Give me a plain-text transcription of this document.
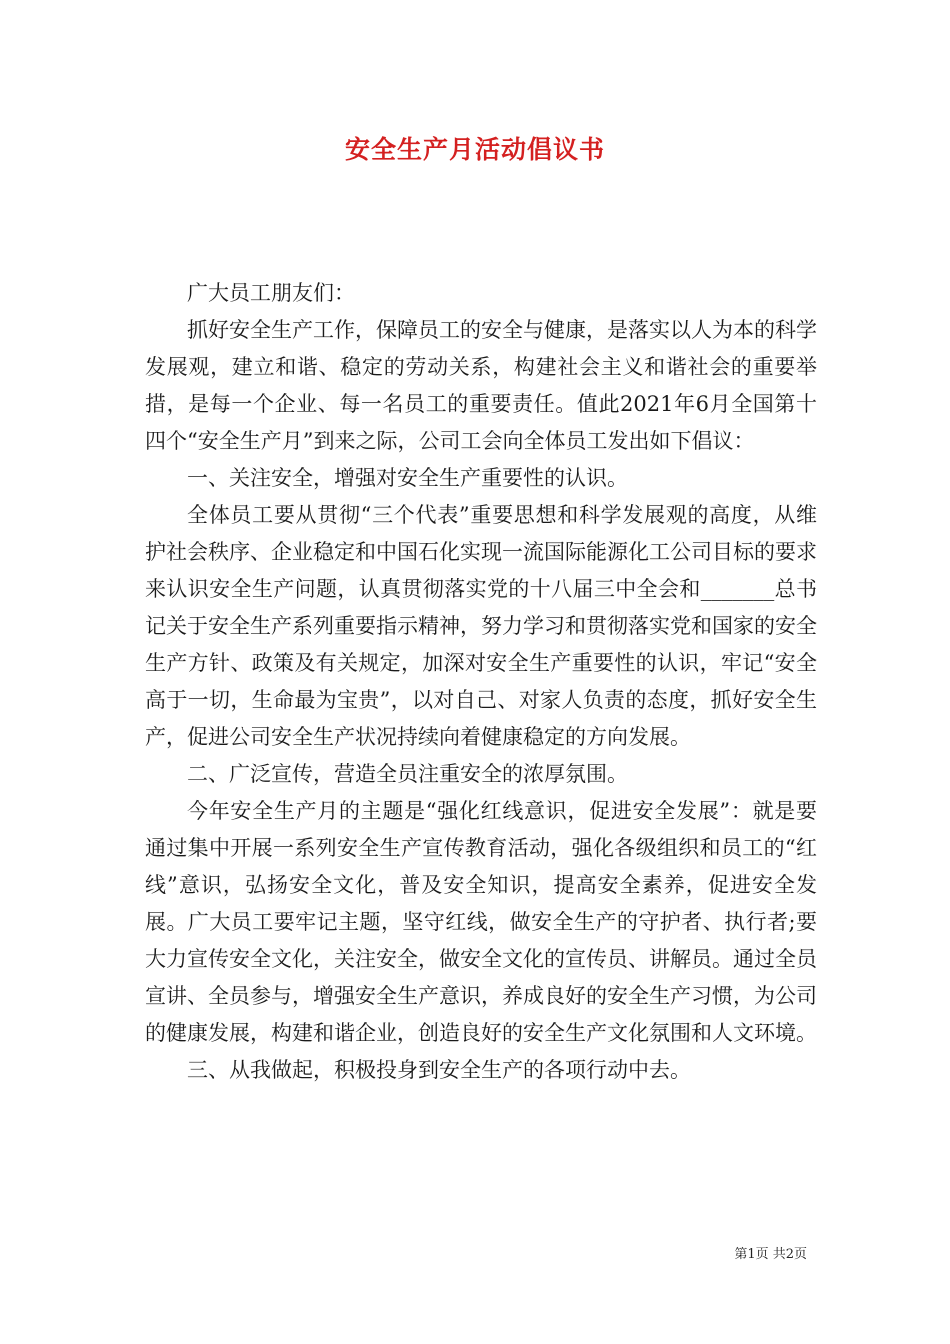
安全生产月活动倡议书

广大员工朋友们：

抓好安全生产工作，保障员工的安全与健康，是落实以人为本的科学发展观，建立和谐、稳定的劳动关系，构建社会主义和谐社会的重要举措，是每一个企业、每一名员工的重要责任。值此2021年6月全国第十四个“安全生产月”到来之际，公司工会向全体员工发出如下倡议：

一、关注安全，增强对安全生产重要性的认识。

全体员工要从贯彻“三个代表”重要思想和科学发展观的高度，从维护社会秩序、企业稳定和中国石化实现一流国际能源化工公司目标的要求来认识安全生产问题，认真贯彻落实党的十八届三中全会和_______总书记关于安全生产系列重要指示精神，努力学习和贯彻落实党和国家的安全生产方针、政策及有关规定，加深对安全生产重要性的认识，牢记“安全高于一切，生命最为宝贵”，以对自己、对家人负责的态度，抓好安全生产，促进公司安全生产状况持续向着健康稳定的方向发展。

二、广泛宣传，营造全员注重安全的浓厚氛围。

今年安全生产月的主题是“强化红线意识，促进安全发展”：就是要通过集中开展一系列安全生产宣传教育活动，强化各级组织和员工的“红线”意识，弘扬安全文化，普及安全知识，提高安全素养，促进安全发展。广大员工要牢记主题，坚守红线，做安全生产的守护者、执行者;要大力宣传安全文化，关注安全，做安全文化的宣传员、讲解员。通过全员宣讲、全员参与，增强安全生产意识，养成良好的安全生产习惯，为公司的健康发展，构建和谐企业，创造良好的安全生产文化氛围和人文环境。

三、从我做起，积极投身到安全生产的各项行动中去。

第1页 共2页
